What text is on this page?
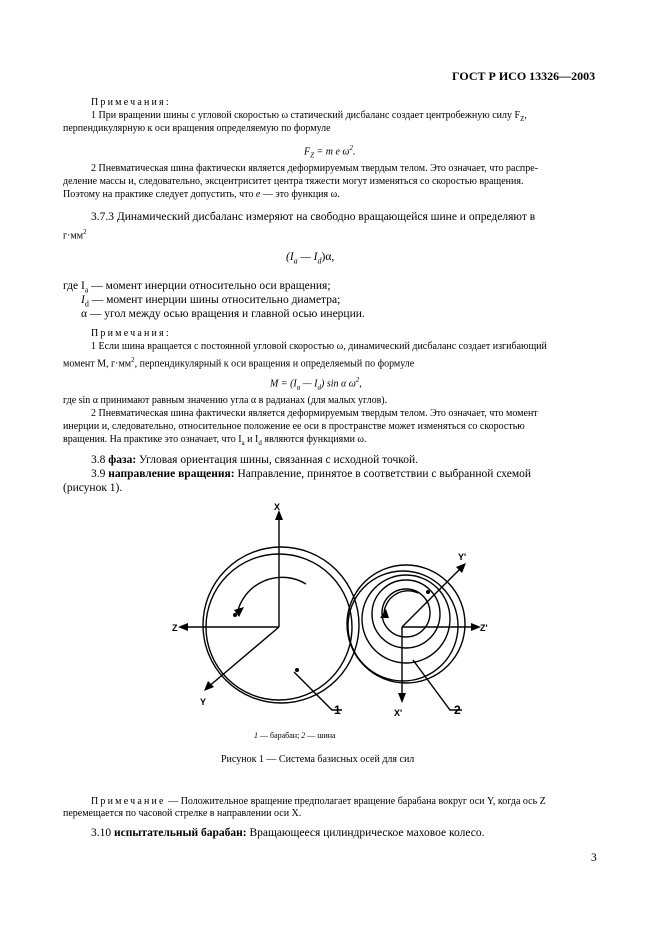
ГОСТ Р ИСО 13326—2003
Примечания:
1 При вращении шины с угловой скоростью ω статический дисбаланс создает центробежную силу $F_Z$,
перпендикулярную к оси вращения определяемую по формуле
$F_Z = m$ e $\omega^2$.
2 Пневматическая шина фактически является деформируемым твердым телом. Это означает, что распре-
деление массы и, следовательно, эксцентриситет центра тяжести могут изменяться со скоростью вращения.
Поэтому на практике следует допустить, что e — это функция ω.
3.7.3 Динамический дисбаланс измеряют на свободно вращающейся шине и определяют в
$г\cdot мм^2$
($I_a$ — $I_d)\alpha$,
где $I_a$ — момент инерции относительно оси вращения;
$I_d$ — момент инерции шины относительно диаметра;
α — угол между осью вращения и главной осью инерции.
Примечания:
1 Если шина вращается с постоянной угловой скоростью ω, динамический дисбаланс создает изгибающий
момент M, $г\cdot мм^2$, перпендикулярный к оси вращения и определяемый по формуле
$M = (I_a$ — $I_d$) sin α $\omega^2$,
где sin α принимают равным значению угла α в радианах (для малых углов).
2 Пневматическая шина фактически является деформируемым твердым телом. Это означает, что момент
инерции и, следовательно, относительное положение ее оси в пространстве может изменяться со скоростью
вращения. На практике это означает, что $I_a$ и $I_d$ являются функциями ω.
3.8 фаза: Угловая ориентация шины, связанная с исходной точкой.
3.9 направление вращения: Направление, принятое в соответствии с выбранной схемой
(рисунок 1).
X
Z
Y
X'
Z'
Y'
1	2
1 — барабан; 2 — шина
Рисунок 1 — Система базисных осей для сил
Примечание — Положительное вращение предполагает вращение барабана вокруг оси Y, когда ось Z
перемещается по часовой стрелке в направлении оси X.
3.10 испытательный барабан: Вращающееся цилиндрическое маховое колесо.
3
